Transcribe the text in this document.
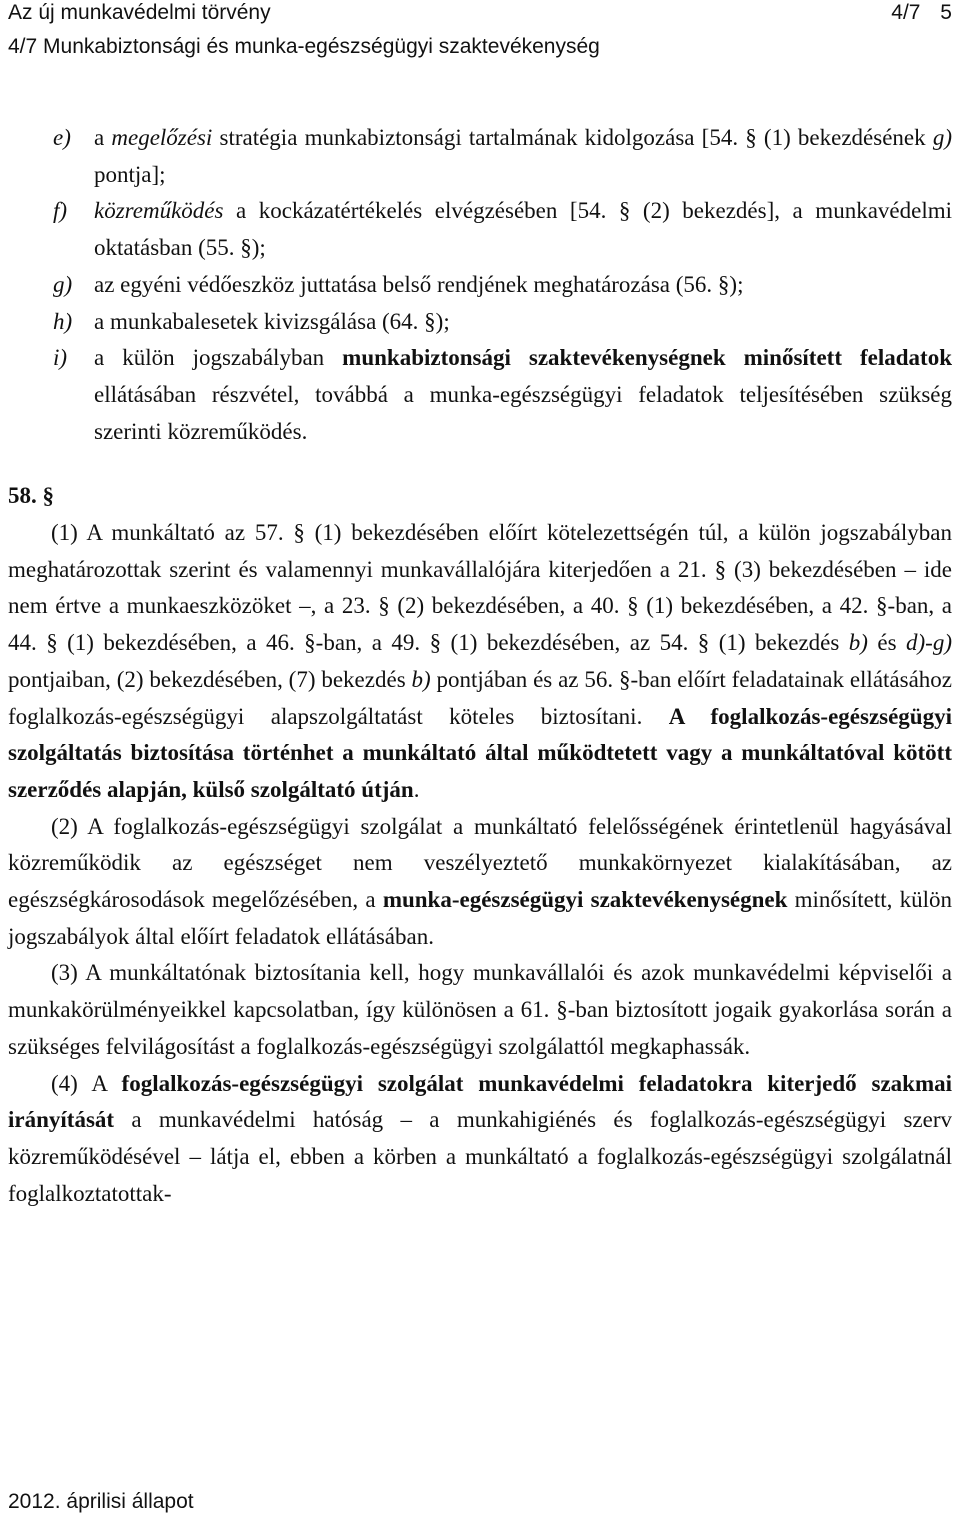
Az új munkavédelmi törvény	4/7 5
4/7 Munkabiztonsági és munka-egészségügyi szaktevékenység
e) a megelőzési stratégia munkabiztonsági tartalmának kidolgozása [54. § (1) bekezdésének g) pontja];
f) közreműködés a kockázatértékelés elvégzésében [54. § (2) bekezdés], a munkavédelmi oktatásban (55. §);
g) az egyéni védőeszköz juttatása belső rendjének meghatározása (56. §);
h) a munkabalesetek kivizsgálása (64. §);
i) a külön jogszabályban munkabiztonsági szaktevékenységnek minősített feladatok ellátásában részvétel, továbbá a munka-egészségügyi feladatok teljesítésében szükség szerinti közreműködés.
58. §

(1) A munkáltató az 57. § (1) bekezdésében előírt kötelezettségén túl, a külön jogszabályban meghatározottak szerint és valamennyi munkavállalójára kiterjedően a 21. § (3) bekezdésében – ide nem értve a munkaeszközöket –, a 23. § (2) bekezdésében, a 40. § (1) bekezdésében, a 42. §-ban, a 44. § (1) bekezdésében, a 46. §-ban, a 49. § (1) bekezdésében, az 54. § (1) bekezdés b) és d)-g) pontjaiban, (2) bekezdésében, (7) bekezdés b) pontjában és az 56. §-ban előírt feladatainak ellátásához foglalkozás-egészségügyi alapszolgáltatást köteles biztosítani. A foglalkozás-egészségügyi szolgáltatás biztosítása történhet a munkáltató által működtetett vagy a munkáltatóval kötött szerződés alapján, külső szolgáltató útján.

(2) A foglalkozás-egészségügyi szolgálat a munkáltató felelősségének érintetlenül hagyásával közreműködik az egészséget nem veszélyeztető munkakörnyezet kialakításában, az egészségkárosodások megelőzésében, a munka-egészségügyi szaktevékenységnek minősített, külön jogszabályok által előírt feladatok ellátásában.

(3) A munkáltatónak biztosítania kell, hogy munkavállalói és azok munkavédelmi képviselői a munkakörülményeikkel kapcsolatban, így különösen a 61. §-ban biztosított jogaik gyakorlása során a szükséges felvilágosítást a foglalkozás-egészségügyi szolgálattól megkaphassák.

(4) A foglalkozás-egészségügyi szolgálat munkavédelmi feladatokra kiterjedő szakmai irányítását a munkavédelmi hatóság – a munkahigiénés és foglalkozás-egészségügyi szerv közreműködésével – látja el, ebben a körben a munkáltató a foglalkozás-egészségügyi szolgálatnál foglalkoztatottak-

2012. áprilisi állapot
